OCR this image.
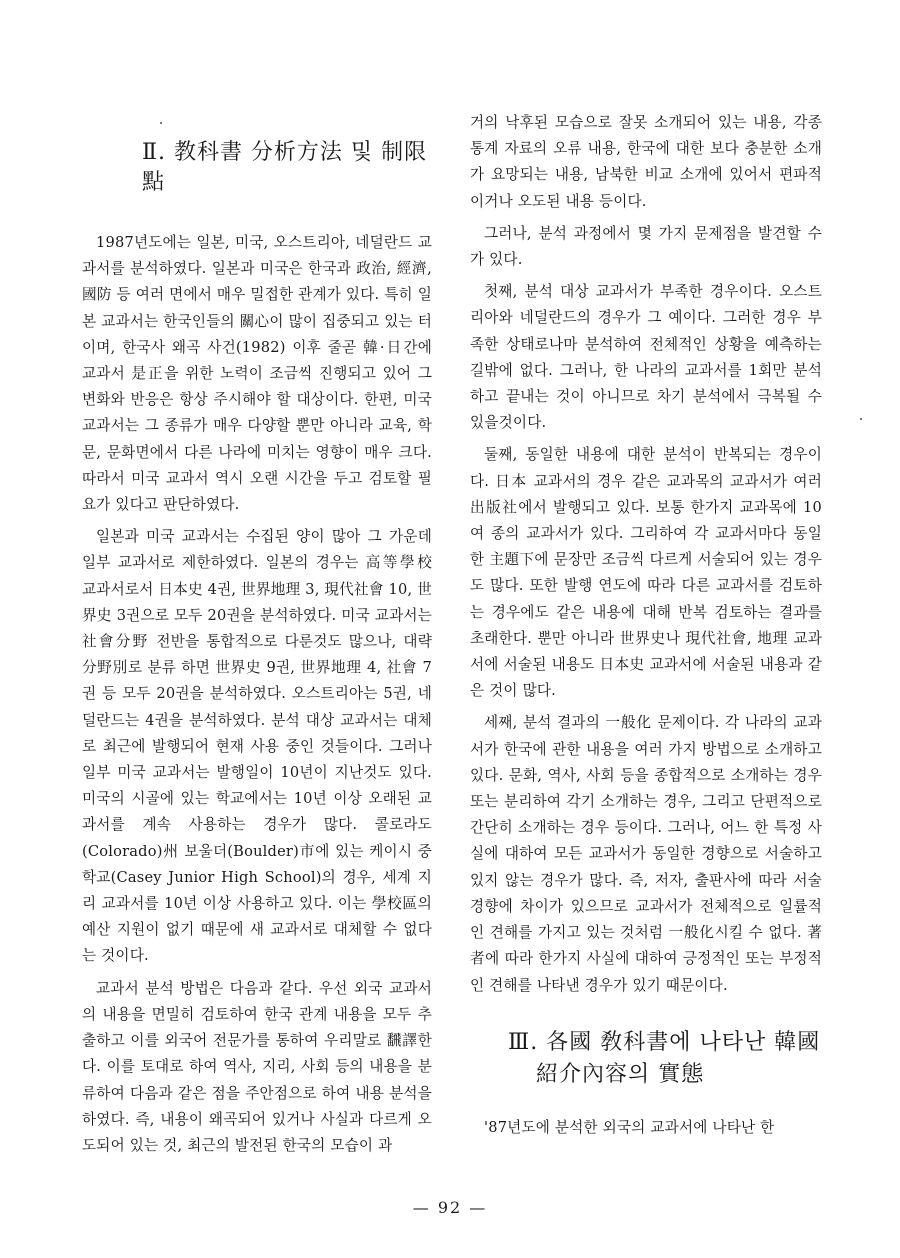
Ⅱ. 教科書 分析方法 및 制限點

1987년도에는 일본, 미국, 오스트리아, 네덜란드 교과서를 분석하였다. 일본과 미국은 한국과 政治, 經濟, 國防 등 여러 면에서 매우 밀접한 관계가 있다. 특히 일본 교과서는 한국인들의 關心이 많이 집중되고 있는 터이며, 한국사 왜곡 사건(1982) 이후 줄곧 韓·日간에 교과서 是正을 위한 노력이 조금씩 진행되고 있어 그 변화와 반응은 항상 주시해야 할 대상이다. 한편, 미국 교과서는 그 종류가 매우 다양할 뿐만 아니라 교육, 학문, 문화면에서 다른 나라에 미치는 영향이 매우 크다. 따라서 미국 교과서 역시 오랜 시간을 두고 검토할 필요가 있다고 판단하였다.

일본과 미국 교과서는 수집된 양이 많아 그 가운데 일부 교과서로 제한하였다. 일본의 경우는 高等學校 교과서로서 日本史 4권, 世界地理 3, 現代社會 10, 世界史 3권으로 모두 20권을 분석하였다. 미국 교과서는 社會分野 전반을 통합적으로 다룬것도 많으나, 대략 分野別로 분류 하면 世界史 9권, 世界地理 4, 社會 7권 등 모두 20권을 분석하였다. 오스트리아는 5권, 네덜란드는 4권을 분석하였다. 분석 대상 교과서는 대체로 최근에 발행되어 현재 사용 중인 것들이다. 그러나 일부 미국 교과서는 발행일이 10년이 지난것도 있다. 미국의 시골에 있는 학교에서는 10년 이상 오래된 교과서를 계속 사용하는 경우가 많다. 콜로라도(Colorado)州 보울더(Boulder)市에 있는 케이시 중학교(Casey Junior High School)의 경우, 세계 지리 교과서를 10년 이상 사용하고 있다. 이는 學校區의 예산 지원이 없기 때문에 새 교과서로 대체할 수 없다는 것이다.

교과서 분석 방법은 다음과 같다. 우선 외국 교과서의 내용을 면밀히 검토하여 한국 관계 내용을 모두 추출하고 이를 외국어 전문가를 통하여 우리말로 飜譯한다. 이를 토대로 하여 역사, 지리, 사회 등의 내용을 분류하여 다음과 같은 점을 주안점으로 하여 내용 분석을 하였다. 즉, 내용이 왜곡되어 있거나 사실과 다르게 오도되어 있는 것, 최근의 발전된 한국의 모습이 과

거의 낙후된 모습으로 잘못 소개되어 있는 내용, 각종 통계 자료의 오류 내용, 한국에 대한 보다 충분한 소개가 요망되는 내용, 남북한 비교 소개에 있어서 편파적이거나 오도된 내용 등이다.

그러나, 분석 과정에서 몇 가지 문제점을 발견할 수가 있다.

첫째, 분석 대상 교과서가 부족한 경우이다. 오스트리아와 네덜란드의 경우가 그 예이다. 그러한 경우 부족한 상태로나마 분석하여 전체적인 상황을 예측하는 길밖에 없다. 그러나, 한 나라의 교과서를 1회만 분석하고 끝내는 것이 아니므로 차기 분석에서 극복될 수 있을것이다.

둘째, 동일한 내용에 대한 분석이 반복되는 경우이다. 日本 교과서의 경우 같은 교과목의 교과서가 여러 出版社에서 발행되고 있다. 보통 한가지 교과목에 10여 종의 교과서가 있다. 그리하여 각 교과서마다 동일한 主題下에 문장만 조금씩 다르게 서술되어 있는 경우도 많다. 또한 발행 연도에 따라 다른 교과서를 검토하는 경우에도 같은 내용에 대해 반복 검토하는 결과를 초래한다. 뿐만 아니라 世界史나 現代社會, 地理 교과서에 서술된 내용도 日本史 교과서에 서술된 내용과 같은 것이 많다.

세째, 분석 결과의 一般化 문제이다. 각 나라의 교과서가 한국에 관한 내용을 여러 가지 방법으로 소개하고 있다. 문화, 역사, 사회 등을 종합적으로 소개하는 경우 또는 분리하여 각기 소개하는 경우, 그리고 단편적으로 간단히 소개하는 경우 등이다. 그러나, 어느 한 특정 사실에 대하여 모든 교과서가 동일한 경향으로 서술하고 있지 않는 경우가 많다. 즉, 저자, 출판사에 따라 서술 경향에 차이가 있으므로 교과서가 전체적으로 일률적인 견해를 가지고 있는 것처럼 一般化시킬 수 없다. 著者에 따라 한가지 사실에 대하여 긍정적인 또는 부정적인 견해를 나타낸 경우가 있기 때문이다.

Ⅲ. 各國 敎科書에 나타난 韓國
紹介內容의 實態

'87년도에 분석한 외국의 교과서에 나타난 한

— 92 —
